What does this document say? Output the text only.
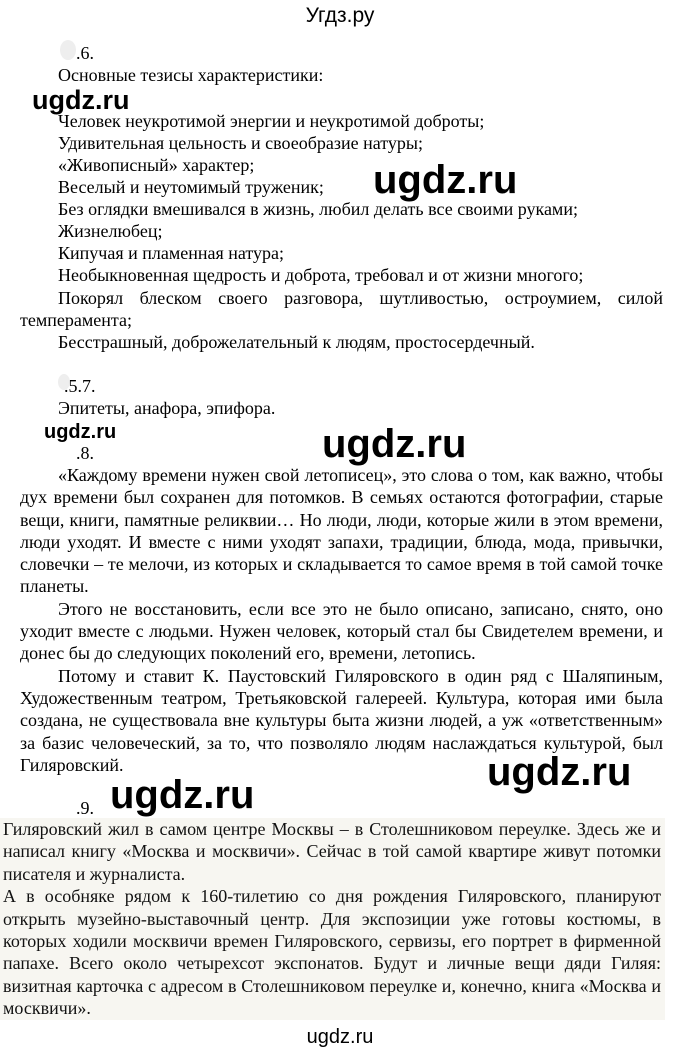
Угдз.ру
.6.
Основные тезисы характеристики:
ugdz.ru
Человек неукротимой энергии и неукротимой доброты;
Удивительная цельность и своеобразие натуры;
«Живописный» характер;	ugdz.ru
Веселый и неутомимый труженик;
Без оглядки вмешивался в жизнь, любил делать все своими руками;
Жизнелюбец;
Кипучая и пламенная натура;
Необыкновенная щедрость и доброта, требовал и от жизни многого;

Покорял блеском своего разговора, шутливостью, остроумием, силой темперамента;

Бесстрашный, доброжелательный к людям, простосердечный.
.5.7.
Эпитеты, анафора, эпифора.
ugdz.ru	ugdz.ru
.8.

«Каждому времени нужен свой летописец», это слова о том, как важно, чтобы дух времени был сохранен для потомков. В семьях остаются фотографии, старые вещи, книги, памятные реликвии… Но люди, люди, которые жили в этом времени, люди уходят. И вместе с ними уходят запахи, традиции, блюда, мода, привычки, словечки – те мелочи, из которых и складывается то самое время в той самой точке планеты.

Этого не восстановить, если все это не было описано, записано, снято, оно уходит вместе с людьми. Нужен человек, который стал бы Свидетелем времени, и донес бы до следующих поколений его, времени, летопись.

Потому и ставит К. Паустовский Гиляровского в один ряд с Шаляпиным, Художественным театром, Третьяковской галереей. Культура, которая ими была создана, не существовала вне культуры быта жизни людей, а уж «ответственным» за базис человеческий, за то, что позволяло людям наслаждаться культурой, был Гиляровский.	ugdz.ru
.9. ugdz.ru

Гиляровский жил в самом центре Москвы – в Столешниковом переулке. Здесь же и написал книгу «Москва и москвичи». Сейчас в той самой квартире живут потомки писателя и журналиста.

А в особняке рядом к 160-тилетию со дня рождения Гиляровского, планируют открыть музейно-выставочный центр. Для экспозиции уже готовы костюмы, в которых ходили москвичи времен Гиляровского, сервизы, его портрет в фирменной папахе. Всего около четырехсот экспонатов. Будут и личные вещи дяди Гиляя: визитная карточка с адресом в Столешниковом переулке и, конечно, книга «Москва и москвичи».

ugdz.ru
